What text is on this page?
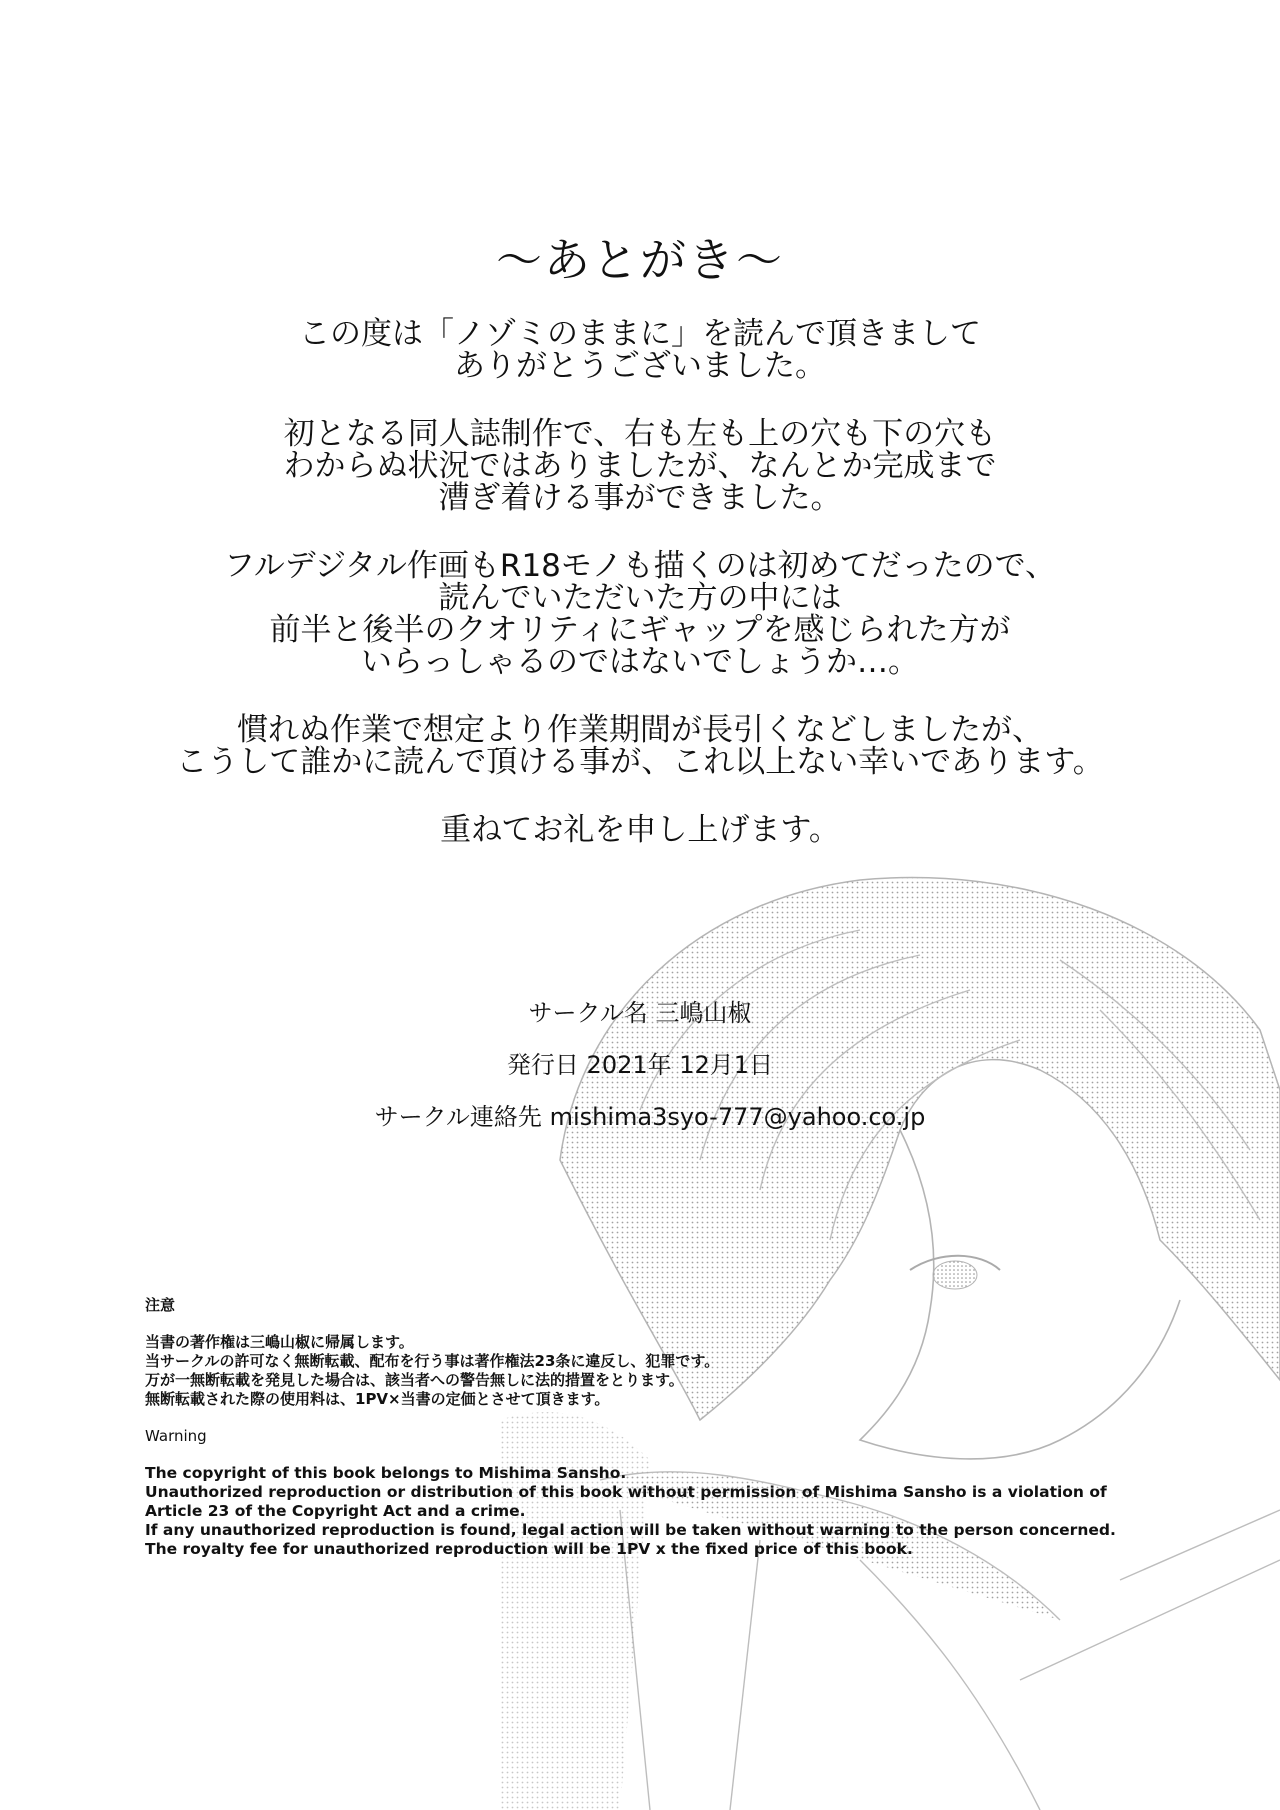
〜あとがき〜
この度は「ノゾミのままに」を読んで頂きまして
ありがとうございました。
初となる同人誌制作で、右も左も上の穴も下の穴も
わからぬ状況ではありましたが、なんとか完成まで
漕ぎ着ける事ができました。
フルデジタル作画もR18モノも描くのは初めてだったので、
読んでいただいた方の中には
前半と後半のクオリティにギャップを感じられた方が
いらっしゃるのではないでしょうか…。
慣れぬ作業で想定より作業期間が長引くなどしましたが、
こうして誰かに読んで頂ける事が、これ以上ない幸いであります。
重ねてお礼を申し上げます。
サークル名 三嶋山椒
発行日 2021年 12月1日
サークル連絡先 mishima3syo-777@yahoo.co.jp
注意
当書の著作権は三嶋山椒に帰属します。
当サークルの許可なく無断転載、配布を行う事は著作権法23条に違反し、犯罪です。
万が一無断転載を発見した場合は、該当者への警告無しに法的措置をとります。
無断転載された際の使用料は、1PV×当書の定価とさせて頂きます。
Warning
The copyright of this book belongs to Mishima Sansho.
Unauthorized reproduction or distribution of this book without permission of Mishima Sansho is a violation of
Article 23 of the Copyright Act and a crime.
If any unauthorized reproduction is found, legal action will be taken without warning to the person concerned.
The royalty fee for unauthorized reproduction will be 1PV x the fixed price of this book.
